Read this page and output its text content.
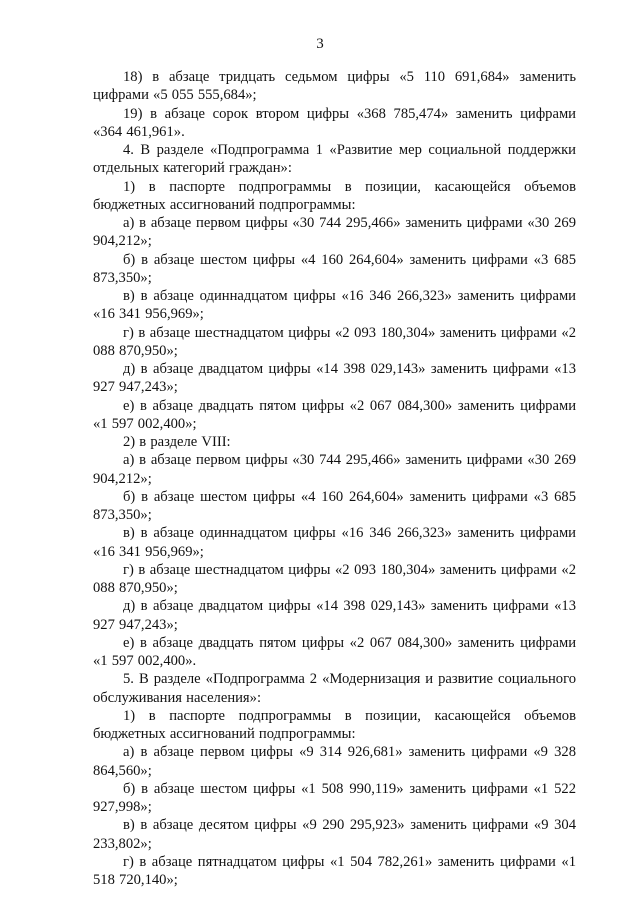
3

18) в абзаце тридцать седьмом цифры «5 110 691,684» заменить цифрами «5 055 555,684»;

19) в абзаце сорок втором цифры «368 785,474» заменить цифрами «364 461,961».

4. В разделе «Подпрограмма 1 «Развитие мер социальной поддержки отдельных категорий граждан»:

1) в паспорте подпрограммы в позиции, касающейся объемов бюджетных ассигнований подпрограммы:

а) в абзаце первом цифры «30 744 295,466» заменить цифрами «30 269 904,212»;

б) в абзаце шестом цифры «4 160 264,604» заменить цифрами «3 685 873,350»;

в) в абзаце одиннадцатом цифры «16 346 266,323» заменить цифрами «16 341 956,969»;

г) в абзаце шестнадцатом цифры «2 093 180,304» заменить цифрами «2 088 870,950»;

д) в абзаце двадцатом цифры «14 398 029,143» заменить цифрами «13 927 947,243»;

е) в абзаце двадцать пятом цифры «2 067 084,300» заменить цифрами «1 597 002,400»;

2) в разделе VIII:

а) в абзаце первом цифры «30 744 295,466» заменить цифрами «30 269 904,212»;

б) в абзаце шестом цифры «4 160 264,604» заменить цифрами «3 685 873,350»;

в) в абзаце одиннадцатом цифры «16 346 266,323» заменить цифрами «16 341 956,969»;

г) в абзаце шестнадцатом цифры «2 093 180,304» заменить цифрами «2 088 870,950»;

д) в абзаце двадцатом цифры «14 398 029,143» заменить цифрами «13 927 947,243»;

е) в абзаце двадцать пятом цифры «2 067 084,300» заменить цифрами «1 597 002,400».

5. В разделе «Подпрограмма 2 «Модернизация и развитие социального обслуживания населения»:

1) в паспорте подпрограммы в позиции, касающейся объемов бюджетных ассигнований подпрограммы:

а) в абзаце первом цифры «9 314 926,681» заменить цифрами «9 328 864,560»;

б) в абзаце шестом цифры «1 508 990,119» заменить цифрами «1 522 927,998»;

в) в абзаце десятом цифры «9 290 295,923» заменить цифрами «9 304 233,802»;

г) в абзаце пятнадцатом цифры «1 504 782,261» заменить цифрами «1 518 720,140»;
